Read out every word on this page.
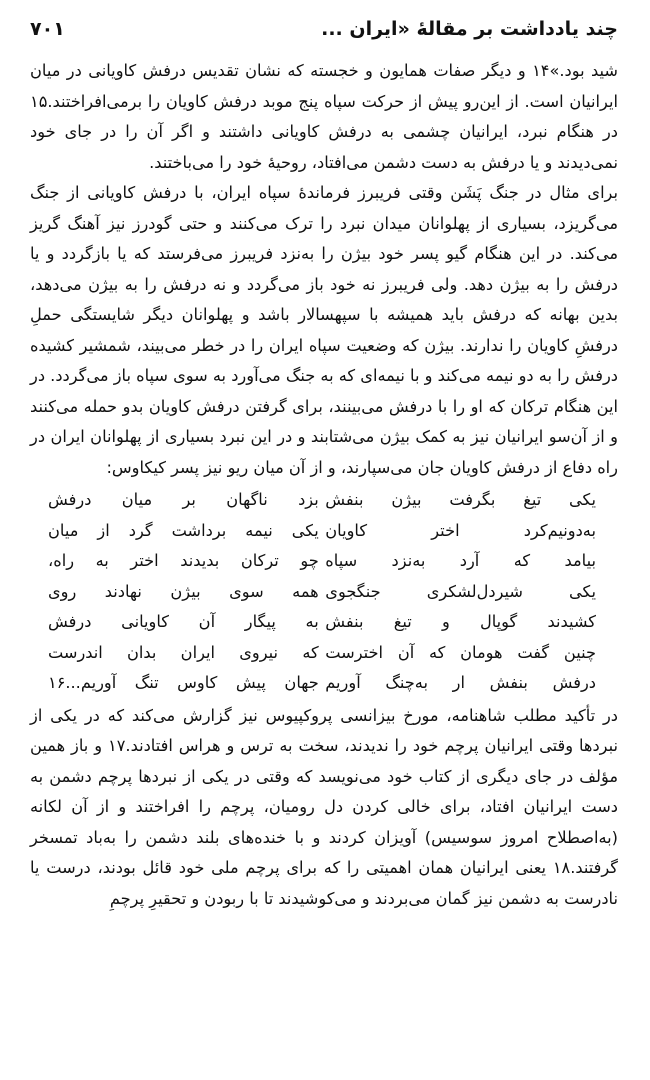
چند یادداشت بر مقالهٔ «ایران ...
۷۰۱

شید بود.»۱۴ و دیگر صفات همایون و خجسته که نشان تقدیس درفش کاویانی در میان ایرانیان است. از این‌رو پیش از حرکت سپاه پنج موبد درفش کاویان را برمی‌افراختند.۱۵ در هنگام نبرد، ایرانیان چشمی به درفش کاویانی داشتند و اگر آن را در جای خود نمی‌دیدند و یا درفش به دست دشمن می‌افتاد، روحیهٔ خود را می‌باختند.

برای مثال در جنگ پَشَن وقتی فریبرز فرماندهٔ سپاه ایران، با درفش کاویانی از جنگ می‌گریزد، بسیاری از پهلوانان میدان نبرد را ترک می‌کنند و حتی گودرز نیز آهنگ گریز می‌کند. در این هنگام گیو پسر خود بیژن را به‌نزد فریبرز می‌فرستد که یا بازگردد و یا درفش را به بیژن دهد. ولی فریبرز نه خود باز می‌گردد و نه درفش را به بیژن می‌دهد، بدین بهانه که درفش باید همیشه با سپهسالار باشد و پهلوانان دیگر شایستگی حملِ درفشِ کاویان را ندارند. بیژن که وضعیت سپاه ایران را در خطر می‌بیند، شمشیر کشیده درفش را به دو نیمه می‌کند و با نیمه‌ای که به جنگ می‌آورد به سوی سپاه باز می‌گردد. در این هنگام ترکان که او را با درفش می‌بینند، برای گرفتن درفش کاویان بدو حمله می‌کنند و از آن‌سو ایرانیان نیز به کمک بیژن می‌شتابند و در این نبرد بسیاری از پهلوانان ایران در راه دفاع از درفش کاویان جان می‌سپارند، و از آن میان ریو نیز پسر کیکاوس:

یکی تیغ بگرفت بیژن بنفش
بزد ناگهان بر میان درفش
به‌دونیم‌کرد اختر کاویان
یکی نیمه برداشت گرد از میان
بیامد که آرد به‌نزد سپاه
چو ترکان بدیدند اختر به راه،
یکی شیردل‌لشکری جنگجوی
همه سوی بیژن نهادند روی
کشیدند گوپال و تیغ بنفش
به پیگار آن کاویانی درفش
چنین گفت هومان که آن اخترست
که نیروی ایران بدان اندرست
درفش بنفش ار به‌چنگ آوریم
جهان پیش کاوس تنگ آوریم...۱۶

در تأکید مطلب شاهنامه، مورخ بیزانسی پروکپیوس نیز گزارش می‌کند که در یکی از نبردها وقتی ایرانیان پرچم خود را ندیدند، سخت به ترس و هراس افتادند.۱۷ و باز همین مؤلف در جای دیگری از کتاب خود می‌نویسد که وقتی در یکی از نبردها پرچم دشمن به دست ایرانیان افتاد، برای خالی کردن دل رومیان، پرچم را افراختند و از آن لکانه (به‌اصطلاح امروز سوسیس) آویزان کردند و با خنده‌های بلند دشمن را به‌باد تمسخر گرفتند.۱۸ یعنی ایرانیان همان اهمیتی را که برای پرچم ملی خود قائل بودند، درست یا نادرست به دشمن نیز گمان می‌بردند و می‌کوشیدند تا با ربودن و تحقیرِ پرچمِ
